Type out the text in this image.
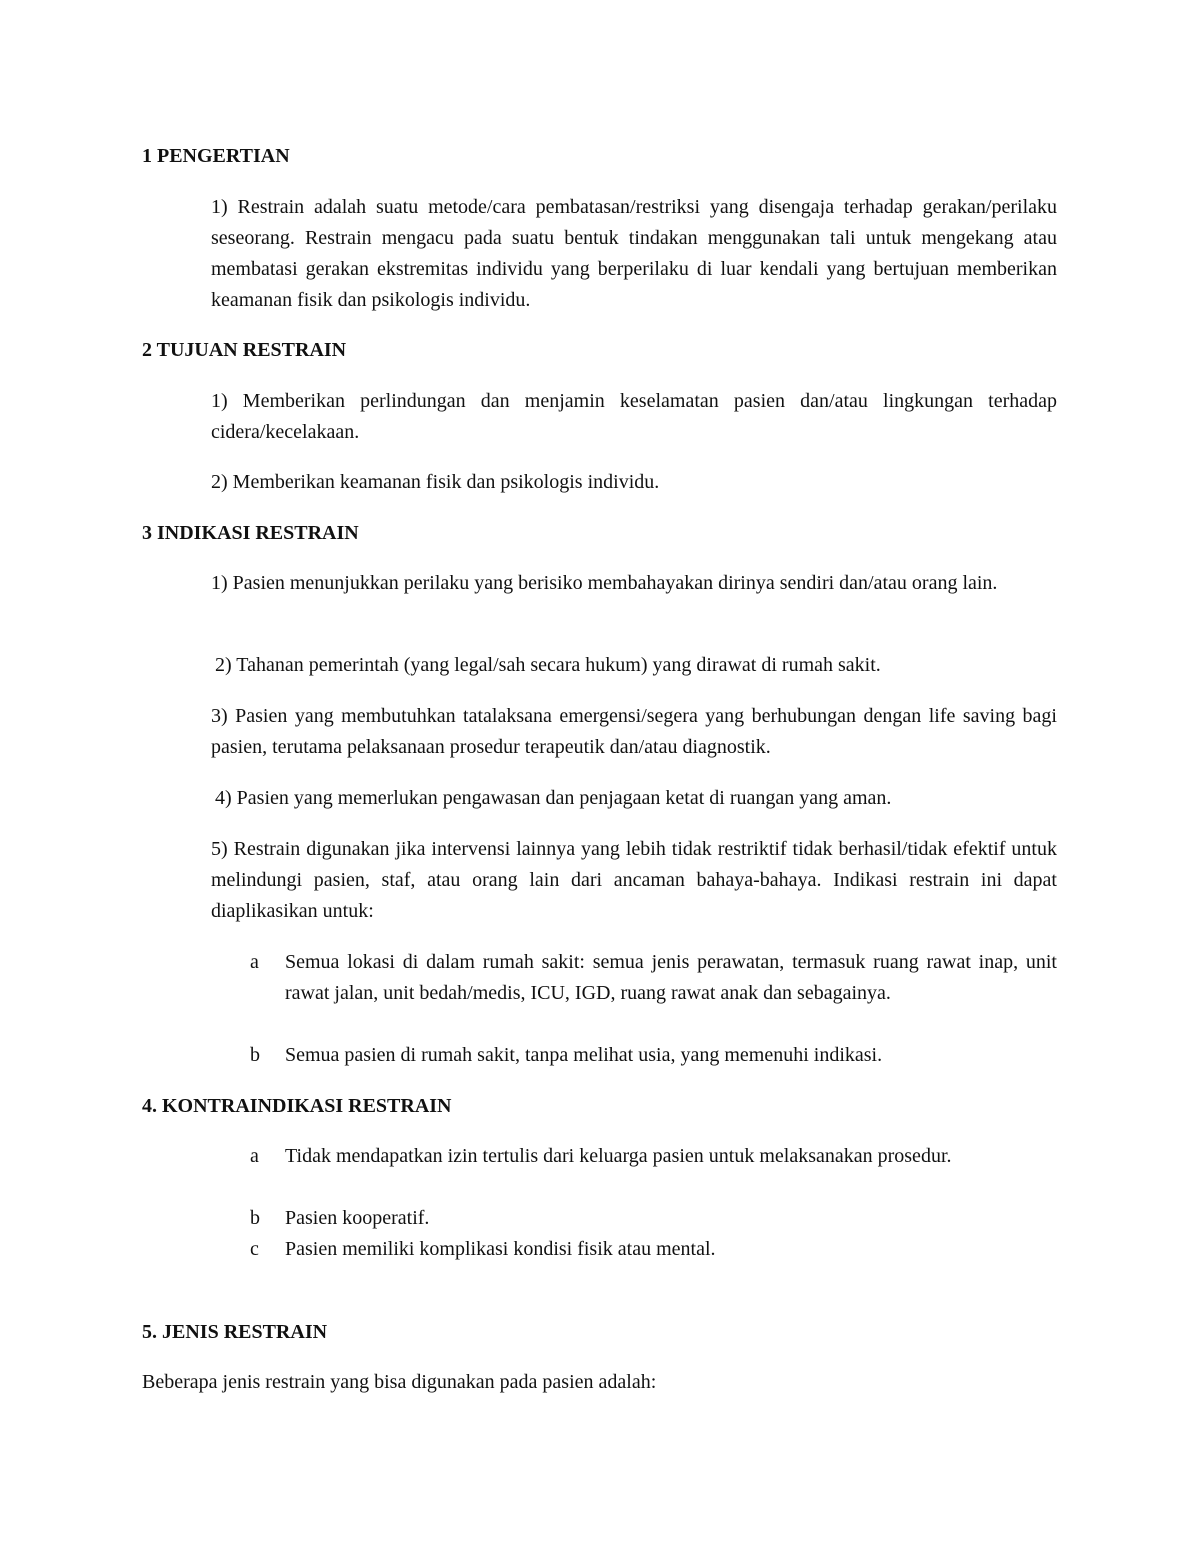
1 PENGERTIAN
1) Restrain adalah suatu metode/cara pembatasan/restriksi yang disengaja terhadap gerakan/perilaku seseorang. Restrain mengacu pada suatu bentuk tindakan menggunakan tali untuk mengekang atau membatasi gerakan ekstremitas individu yang berperilaku di luar kendali yang bertujuan memberikan keamanan fisik dan psikologis individu.
2 TUJUAN RESTRAIN
1) Memberikan perlindungan dan menjamin keselamatan pasien dan/atau lingkungan terhadap cidera/kecelakaan.
2) Memberikan keamanan fisik dan psikologis individu.
3 INDIKASI RESTRAIN
1) Pasien menunjukkan perilaku yang berisiko membahayakan dirinya sendiri dan/atau orang lain.
2) Tahanan pemerintah (yang legal/sah secara hukum) yang dirawat di rumah sakit.
3) Pasien yang membutuhkan tatalaksana emergensi/segera yang berhubungan dengan life saving bagi pasien, terutama pelaksanaan prosedur terapeutik dan/atau diagnostik.
4) Pasien yang memerlukan pengawasan dan penjagaan ketat di ruangan yang aman.
5) Restrain digunakan jika intervensi lainnya yang lebih tidak restriktif tidak berhasil/tidak efektif untuk melindungi pasien, staf, atau orang lain dari ancaman bahaya-bahaya. Indikasi restrain ini dapat diaplikasikan untuk:
a	Semua lokasi di dalam rumah sakit: semua jenis perawatan, termasuk ruang rawat inap, unit rawat jalan, unit bedah/medis, ICU, IGD, ruang rawat anak dan sebagainya.
b	Semua pasien di rumah sakit, tanpa melihat usia, yang memenuhi indikasi.
4. KONTRAINDIKASI RESTRAIN
a	Tidak mendapatkan izin tertulis dari keluarga pasien untuk melaksanakan prosedur.
b	Pasien kooperatif.
c	Pasien memiliki komplikasi kondisi fisik atau mental.
5. JENIS RESTRAIN
Beberapa jenis restrain yang bisa digunakan pada pasien adalah:
